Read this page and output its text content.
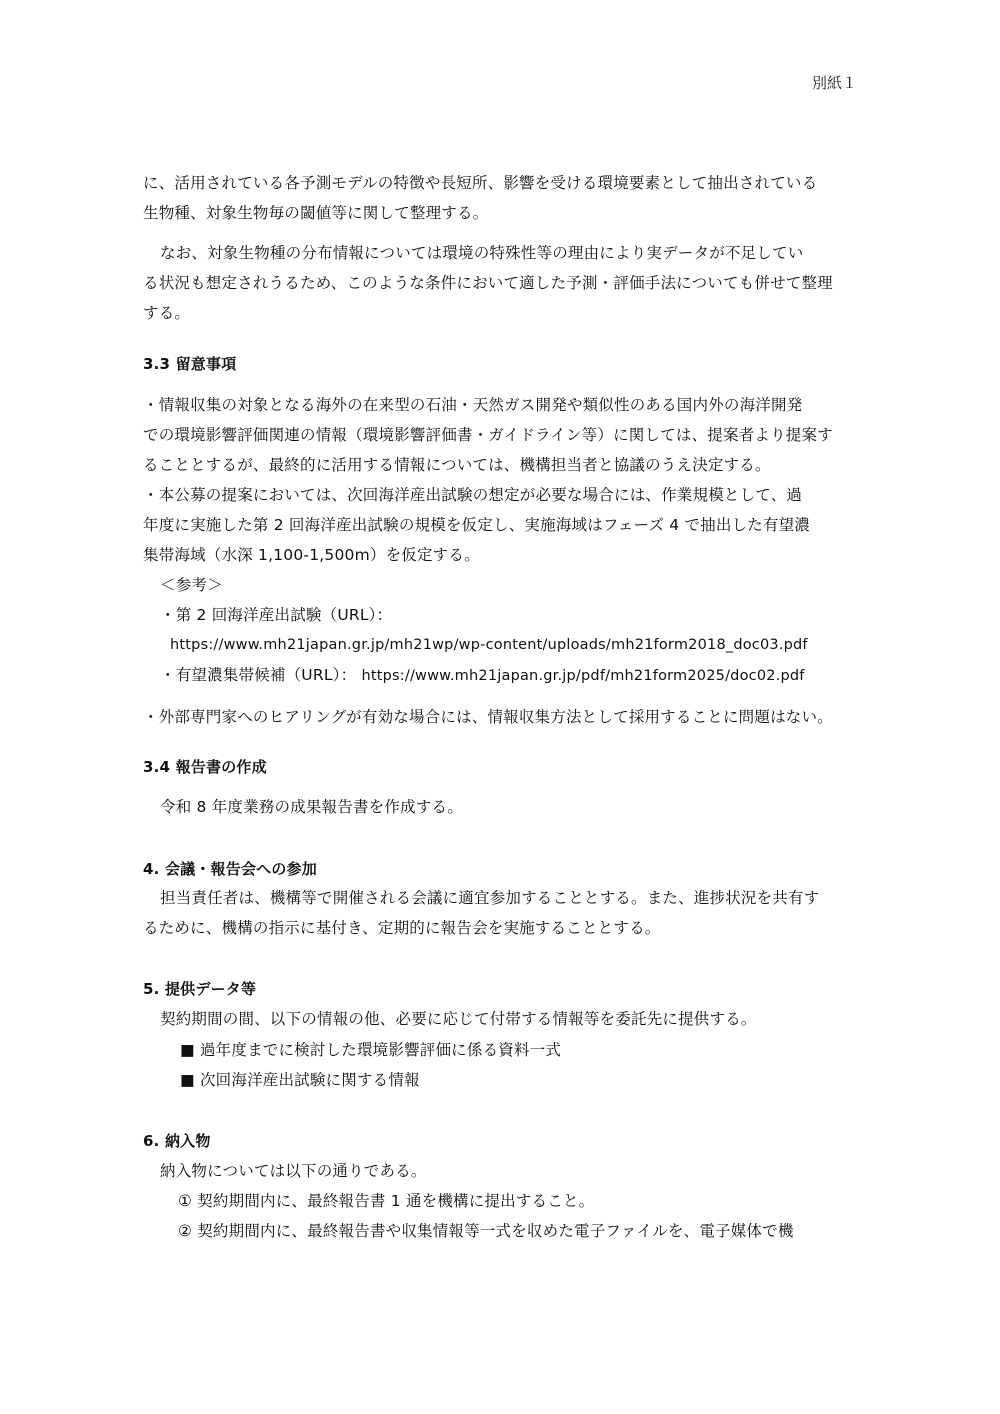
別紙１
に、活用されている各予測モデルの特徴や長短所、影響を受ける環境要素として抽出されている
生物種、対象生物毎の閾値等に関して整理する。
なお、対象生物種の分布情報については環境の特殊性等の理由により実データが不足してい
る状況も想定されうるため、このような条件において適した予測・評価手法についても併せて整理
する。
3.3 留意事項
・情報収集の対象となる海外の在来型の石油・天然ガス開発や類似性のある国内外の海洋開発
での環境影響評価関連の情報（環境影響評価書・ガイドライン等）に関しては、提案者より提案す
ることとするが、最終的に活用する情報については、機構担当者と協議のうえ決定する。
・本公募の提案においては、次回海洋産出試験の想定が必要な場合には、作業規模として、過
年度に実施した第 2 回海洋産出試験の規模を仮定し、実施海域はフェーズ 4 で抽出した有望濃
集帯海域（水深 1,100-1,500m）を仮定する。
＜参考＞
・第 2 回海洋産出試験（URL）：
https://www.mh21japan.gr.jp/mh21wp/wp-content/uploads/mh21form2018_doc03.pdf
・有望濃集帯候補（URL）： https://www.mh21japan.gr.jp/pdf/mh21form2025/doc02.pdf
・外部専門家へのヒアリングが有効な場合には、情報収集方法として採用することに問題はない。
3.4 報告書の作成
令和 8 年度業務の成果報告書を作成する。
4. 会議・報告会への参加
担当責任者は、機構等で開催される会議に適宜参加することとする。また、進捗状況を共有す
るために、機構の指示に基付き、定期的に報告会を実施することとする。
5. 提供データ等
契約期間の間、以下の情報の他、必要に応じて付帯する情報等を委託先に提供する。
■ 過年度までに検討した環境影響評価に係る資料一式
■ 次回海洋産出試験に関する情報
6. 納入物
納入物については以下の通りである。
① 契約期間内に、最終報告書 1 通を機構に提出すること。
② 契約期間内に、最終報告書や収集情報等一式を収めた電子ファイルを、電子媒体で機
